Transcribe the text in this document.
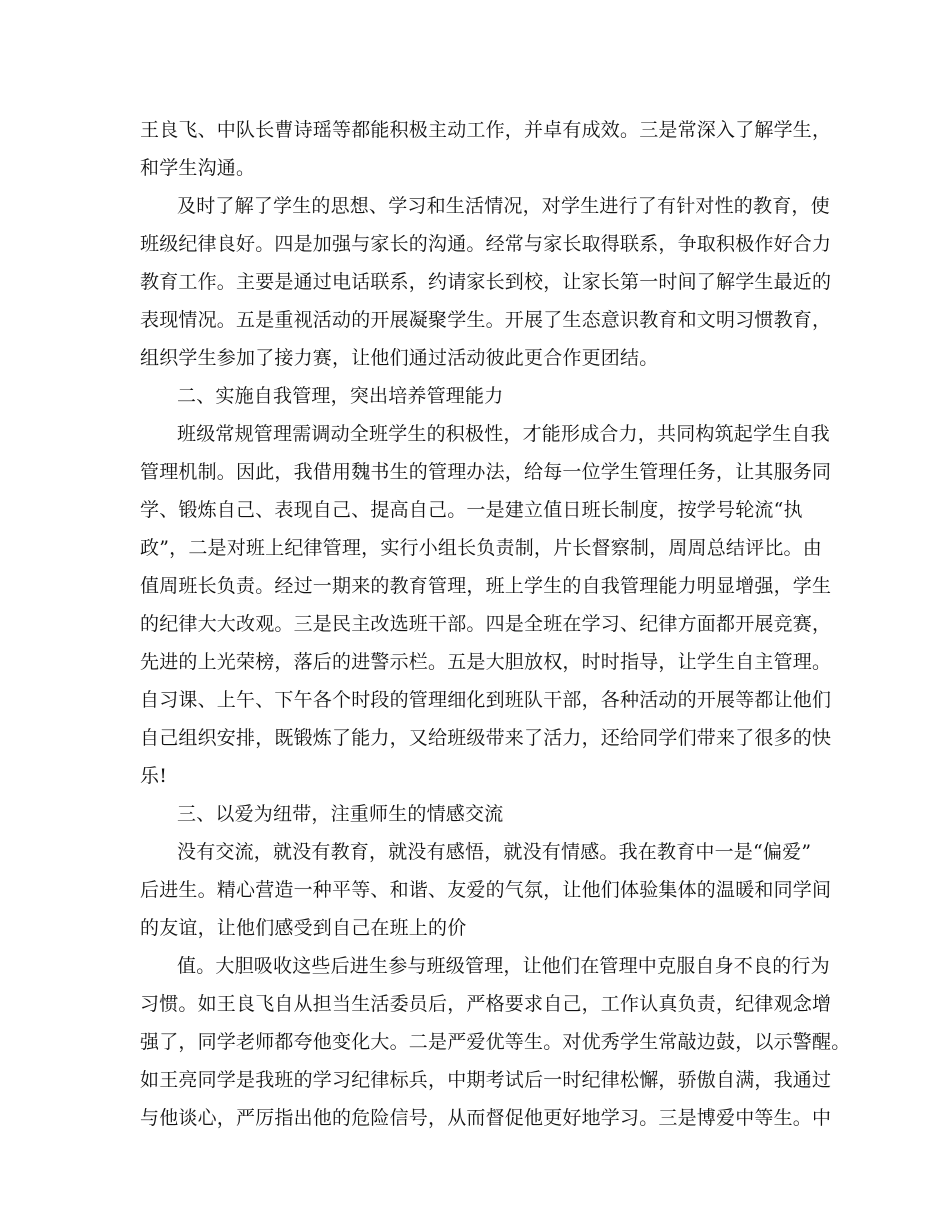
王良飞、中队长曹诗瑶等都能积极主动工作，并卓有成效。三是常深入了解学生，
和学生沟通。
及时了解了学生的思想、学习和生活情况，对学生进行了有针对性的教育，使
班级纪律良好。四是加强与家长的沟通。经常与家长取得联系，争取积极作好合力
教育工作。主要是通过电话联系，约请家长到校，让家长第一时间了解学生最近的
表现情况。五是重视活动的开展凝聚学生。开展了生态意识教育和文明习惯教育，
组织学生参加了接力赛，让他们通过活动彼此更合作更团结。
二、实施自我管理，突出培养管理能力
班级常规管理需调动全班学生的积极性，才能形成合力，共同构筑起学生自我
管理机制。因此，我借用魏书生的管理办法，给每一位学生管理任务，让其服务同
学、锻炼自己、表现自己、提高自己。一是建立值日班长制度，按学号轮流“执
政”，二是对班上纪律管理，实行小组长负责制，片长督察制，周周总结评比。由
值周班长负责。经过一期来的教育管理，班上学生的自我管理能力明显增强，学生
的纪律大大改观。三是民主改选班干部。四是全班在学习、纪律方面都开展竞赛，
先进的上光荣榜，落后的进警示栏。五是大胆放权，时时指导，让学生自主管理。
自习课、上午、下午各个时段的管理细化到班队干部，各种活动的开展等都让他们
自己组织安排，既锻炼了能力，又给班级带来了活力，还给同学们带来了很多的快
乐!
三、以爱为纽带，注重师生的情感交流
没有交流，就没有教育，就没有感悟，就没有情感。我在教育中一是“偏爱”
后进生。精心营造一种平等、和谐、友爱的气氛，让他们体验集体的温暖和同学间
的友谊，让他们感受到自己在班上的价
值。大胆吸收这些后进生参与班级管理，让他们在管理中克服自身不良的行为
习惯。如王良飞自从担当生活委员后，严格要求自己，工作认真负责，纪律观念增
强了，同学老师都夸他变化大。二是严爱优等生。对优秀学生常敲边鼓，以示警醒。
如王亮同学是我班的学习纪律标兵，中期考试后一时纪律松懈，骄傲自满，我通过
与他谈心，严厉指出他的危险信号，从而督促他更好地学习。三是博爱中等生。中
